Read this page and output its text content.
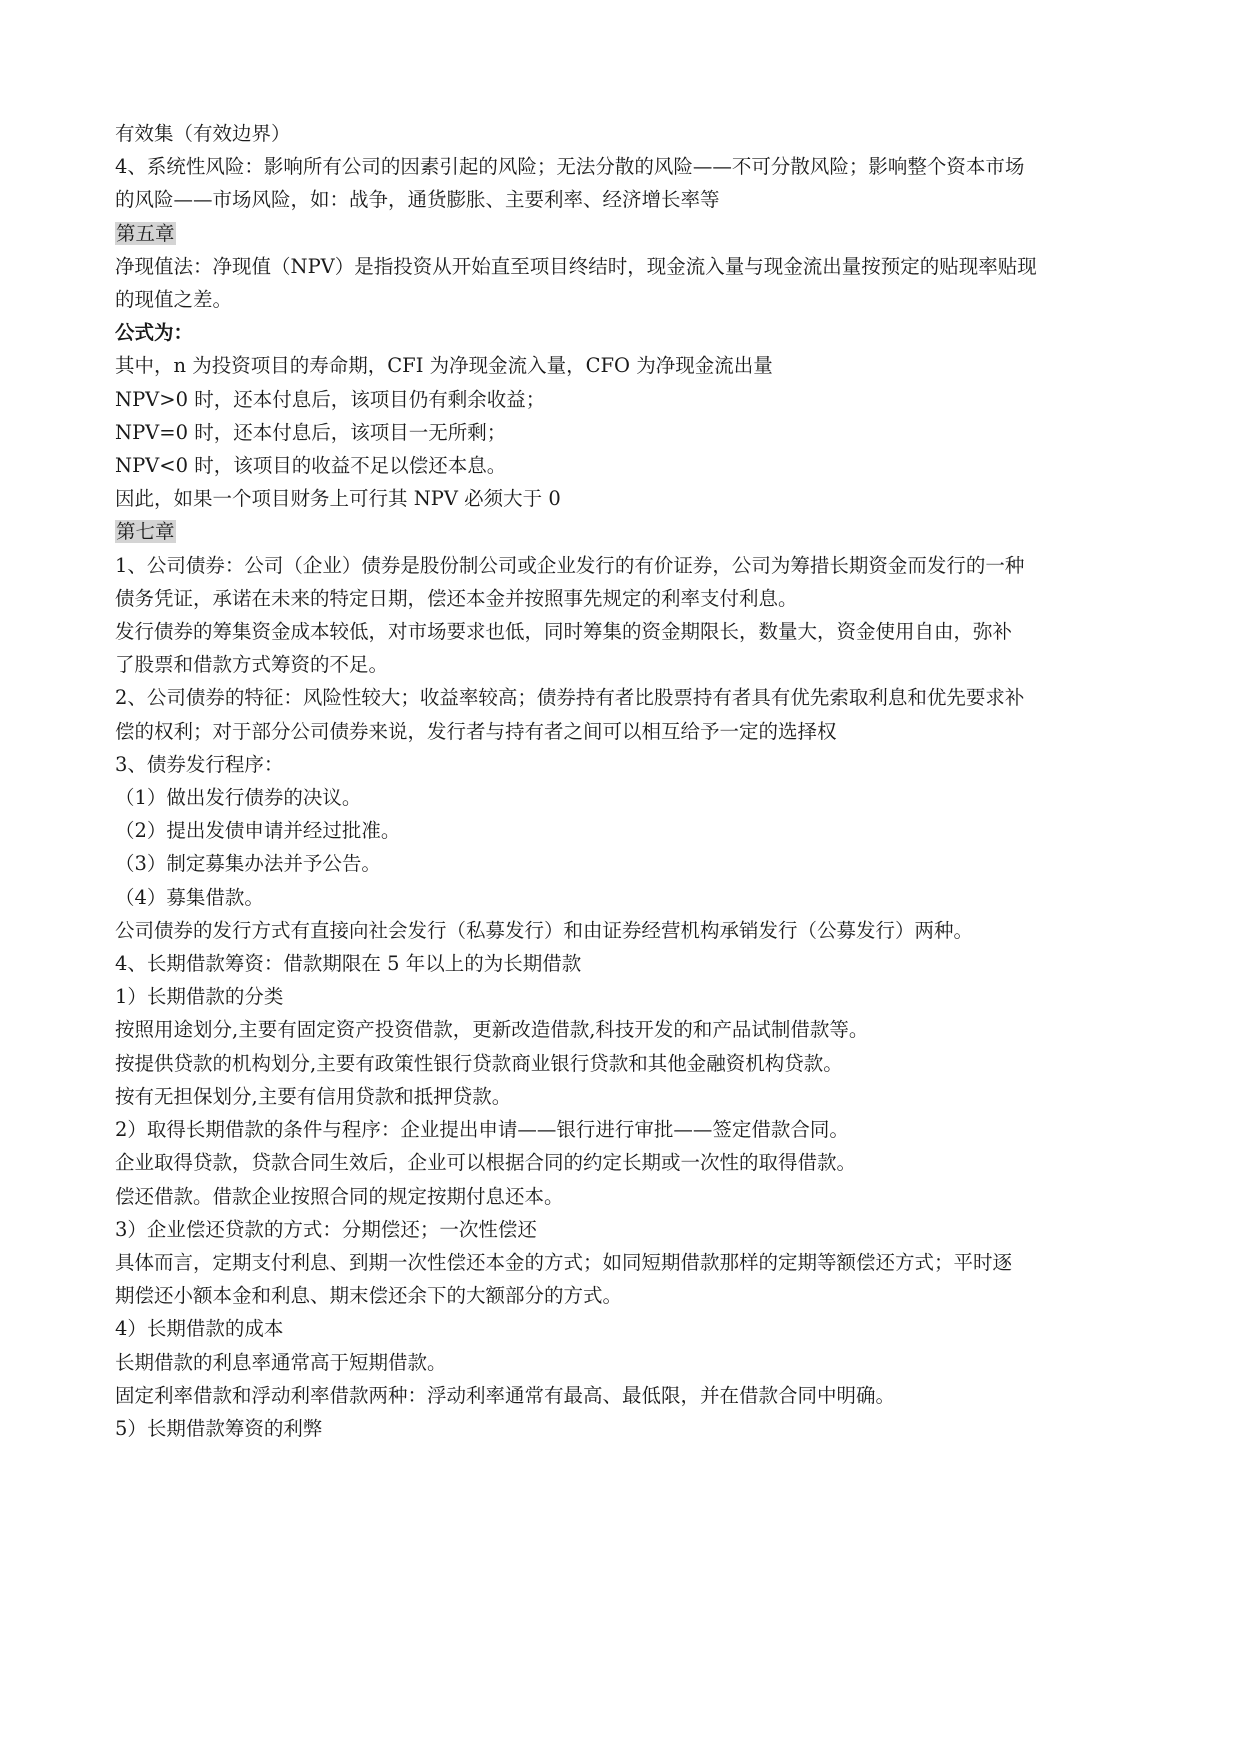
有效集（有效边界）
4、系统性风险：影响所有公司的因素引起的风险；无法分散的风险——不可分散风险；影响整个资本市场
的风险——市场风险，如：战争，通货膨胀、主要利率、经济增长率等
第五章
净现值法：净现值（NPV）是指投资从开始直至项目终结时，现金流入量与现金流出量按预定的贴现率贴现
的现值之差。
公式为：
其中，n 为投资项目的寿命期，CFI 为净现金流入量，CFO 为净现金流出量
NPV>0 时，还本付息后，该项目仍有剩余收益；
NPV=0 时，还本付息后，该项目一无所剩；
NPV<0 时，该项目的收益不足以偿还本息。
因此，如果一个项目财务上可行其 NPV 必须大于 0
第七章
1、公司债券：公司（企业）债券是股份制公司或企业发行的有价证券，公司为筹措长期资金而发行的一种
债务凭证，承诺在未来的特定日期，偿还本金并按照事先规定的利率支付利息。
发行债券的筹集资金成本较低，对市场要求也低，同时筹集的资金期限长，数量大，资金使用自由，弥补
了股票和借款方式筹资的不足。
2、公司债券的特征：风险性较大；收益率较高；债券持有者比股票持有者具有优先索取利息和优先要求补
偿的权利；对于部分公司债券来说，发行者与持有者之间可以相互给予一定的选择权
3、债券发行程序：
（1）做出发行债券的决议。
（2）提出发债申请并经过批准。
（3）制定募集办法并予公告。
（4）募集借款。
公司债券的发行方式有直接向社会发行（私募发行）和由证券经营机构承销发行（公募发行）两种。
4、长期借款筹资：借款期限在 5 年以上的为长期借款
1）长期借款的分类
按照用途划分,主要有固定资产投资借款，更新改造借款,科技开发的和产品试制借款等。
按提供贷款的机构划分,主要有政策性银行贷款商业银行贷款和其他金融资机构贷款。
按有无担保划分,主要有信用贷款和抵押贷款。
2）取得长期借款的条件与程序：企业提出申请——银行进行审批——签定借款合同。
企业取得贷款，贷款合同生效后，企业可以根据合同的约定长期或一次性的取得借款。
偿还借款。借款企业按照合同的规定按期付息还本。
3）企业偿还贷款的方式：分期偿还；一次性偿还
具体而言，定期支付利息、到期一次性偿还本金的方式；如同短期借款那样的定期等额偿还方式；平时逐
期偿还小额本金和利息、期末偿还余下的大额部分的方式。
4）长期借款的成本
长期借款的利息率通常高于短期借款。
固定利率借款和浮动利率借款两种：浮动利率通常有最高、最低限，并在借款合同中明确。
5）长期借款筹资的利弊
